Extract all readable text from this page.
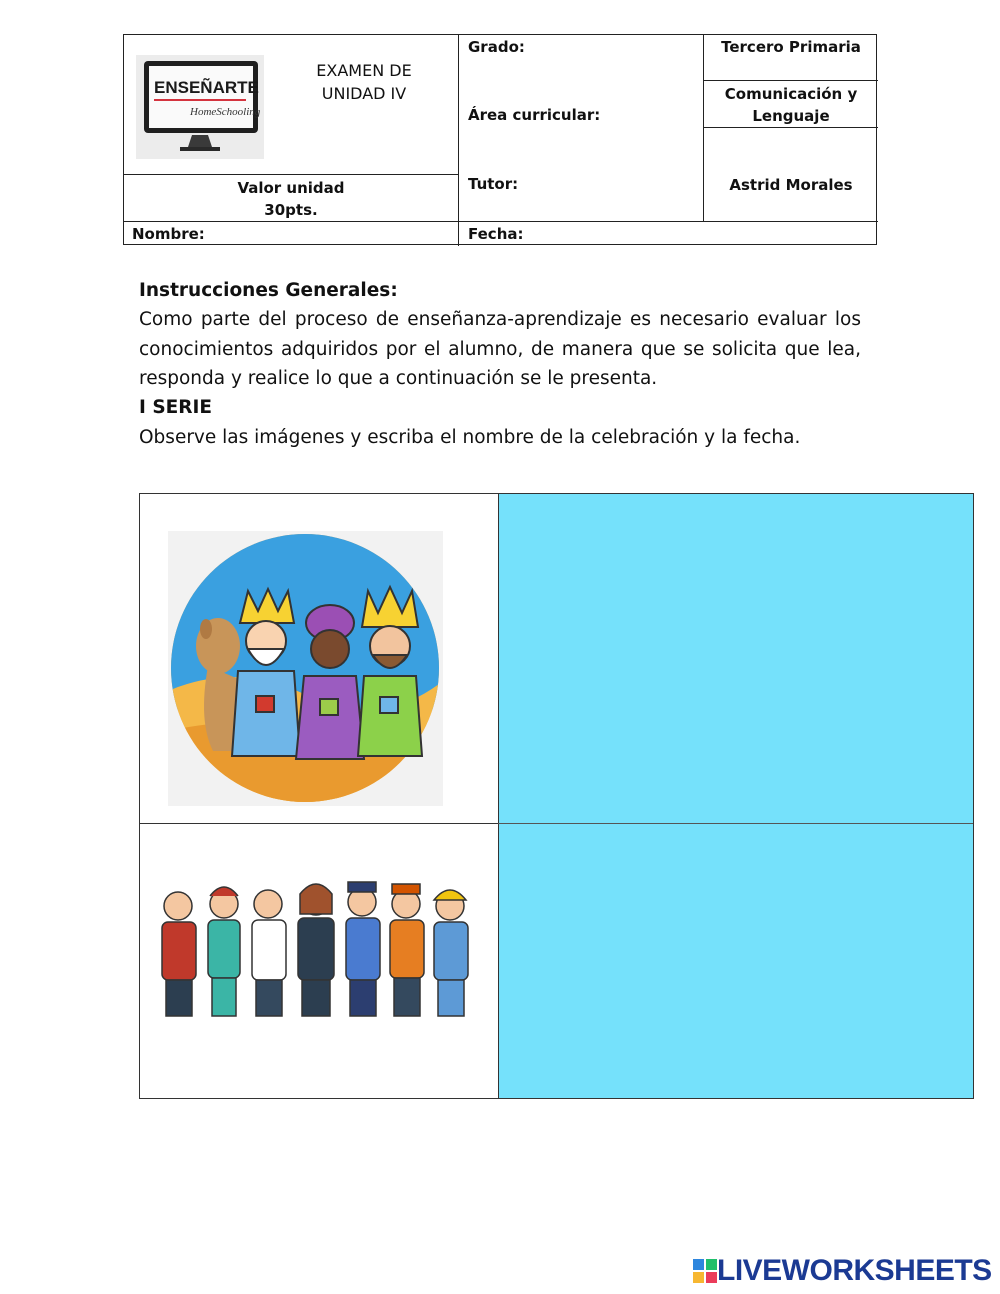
ENSEÑARTE
HomeSchooling
EXAMEN DE UNIDAD IV
Grado:
Área curricular:
Tutor:
Tercero Primaria
Comunicación y Lenguaje
Astrid Morales
Valor unidad
30pts.
Nombre:	Fecha:
Instrucciones Generales:
Como parte del proceso de enseñanza-aprendizaje es necesario evaluar los conocimientos adquiridos por el alumno, de manera que se solicita que lea, responda y realice lo que a continuación se le presenta.
I SERIE
Observe las imágenes y escriba el nombre de la celebración y la fecha.
LIVEWORKSHEETS
